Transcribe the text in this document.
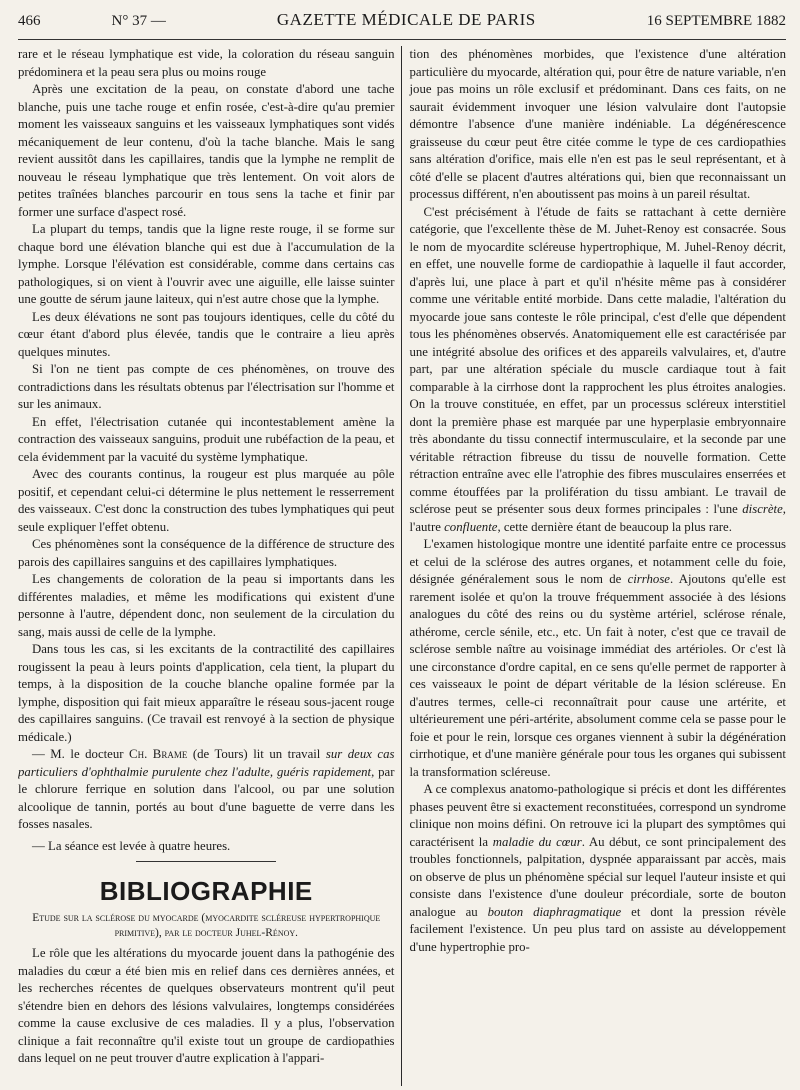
466	N° 37 —	GAZETTE MÉDICALE DE PARIS	16 SEPTEMBRE 1882

rare et le réseau lymphatique est vide, la coloration du réseau sanguin prédominera et la peau sera plus ou moins rouge

Après une excitation de la peau, on constate d'abord une tache blanche, puis une tache rouge et enfin rosée, c'est-à-dire qu'au premier moment les vaisseaux sanguins et les vaisseaux lymphatiques sont vidés mécaniquement de leur contenu, d'où la tache blanche. Mais le sang revient aussitôt dans les capillaires, tandis que la lymphe ne remplit de nouveau le réseau lymphatique que très lentement. On voit alors de petites traînées blanches parcourir en tous sens la tache et finir par former une surface d'aspect rosé.

La plupart du temps, tandis que la ligne reste rouge, il se forme sur chaque bord une élévation blanche qui est due à l'accumulation de la lymphe. Lorsque l'élévation est considérable, comme dans certains cas pathologiques, si on vient à l'ouvrir avec une aiguille, elle laisse suinter une goutte de sérum jaune laiteux, qui n'est autre chose que la lymphe.

Les deux élévations ne sont pas toujours identiques, celle du côté du cœur étant d'abord plus élevée, tandis que le contraire a lieu après quelques minutes.

Si l'on ne tient pas compte de ces phénomènes, on trouve des contradictions dans les résultats obtenus par l'électrisation sur l'homme et sur les animaux.

En effet, l'électrisation cutanée qui incontestablement amène la contraction des vaisseaux sanguins, produit une rubéfaction de la peau, et cela évidemment par la vacuité du système lymphatique.

Avec des courants continus, la rougeur est plus marquée au pôle positif, et cependant celui-ci détermine le plus nettement le resserrement des vaisseaux. C'est donc la construction des tubes lymphatiques qui peut seule expliquer l'effet obtenu.

Ces phénomènes sont la conséquence de la différence de structure des parois des capillaires sanguins et des capillaires lymphatiques.

Les changements de coloration de la peau si importants dans les différentes maladies, et même les modifications qui existent d'une personne à l'autre, dépendent donc, non seulement de la circulation du sang, mais aussi de celle de la lymphe.

Dans tous les cas, si les excitants de la contractilité des capillaires rougissent la peau à leurs points d'application, cela tient, la plupart du temps, à la disposition de la couche blanche opaline formée par la lymphe, disposition qui fait mieux apparaître le réseau sous-jacent rouge des capillaires sanguins. (Ce travail est renvoyé à la section de physique médicale.)

— M. le docteur Ch. Brame (de Tours) lit un travail sur deux cas particuliers d'ophthalmie purulente chez l'adulte, guéris rapidement, par le chlorure ferrique en solution dans l'alcool, ou par une solution alcoolique de tannin, portés au bout d'une baguette de verre dans les fosses nasales.

— La séance est levée à quatre heures.

BIBLIOGRAPHIE
Etude sur la sclérose du myocarde (myocardite scléreuse hypertrophique primitive), par le docteur Juhel-Rénoy.

Le rôle que les altérations du myocarde jouent dans la pathogénie des maladies du cœur a été bien mis en relief dans ces dernières années, et les recherches récentes de quelques observateurs montrent qu'il peut s'étendre bien en dehors des lésions valvulaires, longtemps considérées comme la cause exclusive de ces maladies. Il y a plus, l'observation clinique a fait reconnaître qu'il existe tout un groupe de cardiopathies dans lequel on ne peut trouver d'autre explication à l'appari-

tion des phénomènes morbides, que l'existence d'une altération particulière du myocarde, altération qui, pour être de nature variable, n'en joue pas moins un rôle exclusif et prédominant. Dans ces faits, on ne saurait évidemment invoquer une lésion valvulaire dont l'autopsie démontre l'absence d'une manière indéniable. La dégénérescence graisseuse du cœur peut être citée comme le type de ces cardiopathies sans altération d'orifice, mais elle n'en est pas le seul représentant, et à côté d'elle se placent d'autres altérations qui, bien que reconnaissant un processus différent, n'en aboutissent pas moins à un pareil résultat.

C'est précisément à l'étude de faits se rattachant à cette dernière catégorie, que l'excellente thèse de M. Juhet-Renoy est consacrée. Sous le nom de myocardite scléreuse hypertrophique, M. Juhel-Renoy décrit, en effet, une nouvelle forme de cardiopathie à laquelle il faut accorder, d'après lui, une place à part et qu'il n'hésite même pas à considérer comme une véritable entité morbide. Dans cette maladie, l'altération du myocarde joue sans conteste le rôle principal, c'est d'elle que dépendent tous les phénomènes observés. Anatomiquement elle est caractérisée par une intégrité absolue des orifices et des appareils valvulaires, et, d'autre part, par une altération spéciale du muscle cardiaque tout à fait comparable à la cirrhose dont la rapprochent les plus étroites analogies. On la trouve constituée, en effet, par un processus scléreux interstitiel dont la première phase est marquée par une hyperplasie embryonnaire très abondante du tissu connectif intermusculaire, et la seconde par une véritable rétraction fibreuse du tissu de nouvelle formation. Cette rétraction entraîne avec elle l'atrophie des fibres musculaires enserrées et comme étouffées par la prolifération du tissu ambiant. Le travail de sclérose peut se présenter sous deux formes principales : l'une discrète, l'autre confluente, cette dernière étant de beaucoup la plus rare.

L'examen histologique montre une identité parfaite entre ce processus et celui de la sclérose des autres organes, et notamment celle du foie, désignée généralement sous le nom de cirrhose. Ajoutons qu'elle est rarement isolée et qu'on la trouve fréquemment associée à des lésions analogues du côté des reins ou du système artériel, sclérose rénale, athérome, cercle sénile, etc., etc. Un fait à noter, c'est que ce travail de sclérose semble naître au voisinage immédiat des artérioles. Or c'est là une circonstance d'ordre capital, en ce sens qu'elle permet de rapporter à ces vaisseaux le point de départ véritable de la lésion scléreuse. En d'autres termes, celle-ci reconnaîtrait pour cause une artérite, et ultérieurement une péri-artérite, absolument comme cela se passe pour le foie et pour le rein, lorsque ces organes viennent à subir la dégénération cirrhotique, et d'une manière générale pour tous les organes qui subissent la transformation scléreuse.

A ce complexus anatomo-pathologique si précis et dont les différentes phases peuvent être si exactement reconstituées, correspond un syndrome clinique non moins défini. On retrouve ici la plupart des symptômes qui caractérisent la maladie du cœur. Au début, ce sont principalement des troubles fonctionnels, palpitation, dyspnée apparaissant par accès, mais on observe de plus un phénomène spécial sur lequel l'auteur insiste et qui consiste dans l'existence d'une douleur précordiale, sorte de bouton analogue au bouton diaphragmatique et dont la pression révèle facilement l'existence. Un peu plus tard on assiste au développement d'une hypertrophie pro-
